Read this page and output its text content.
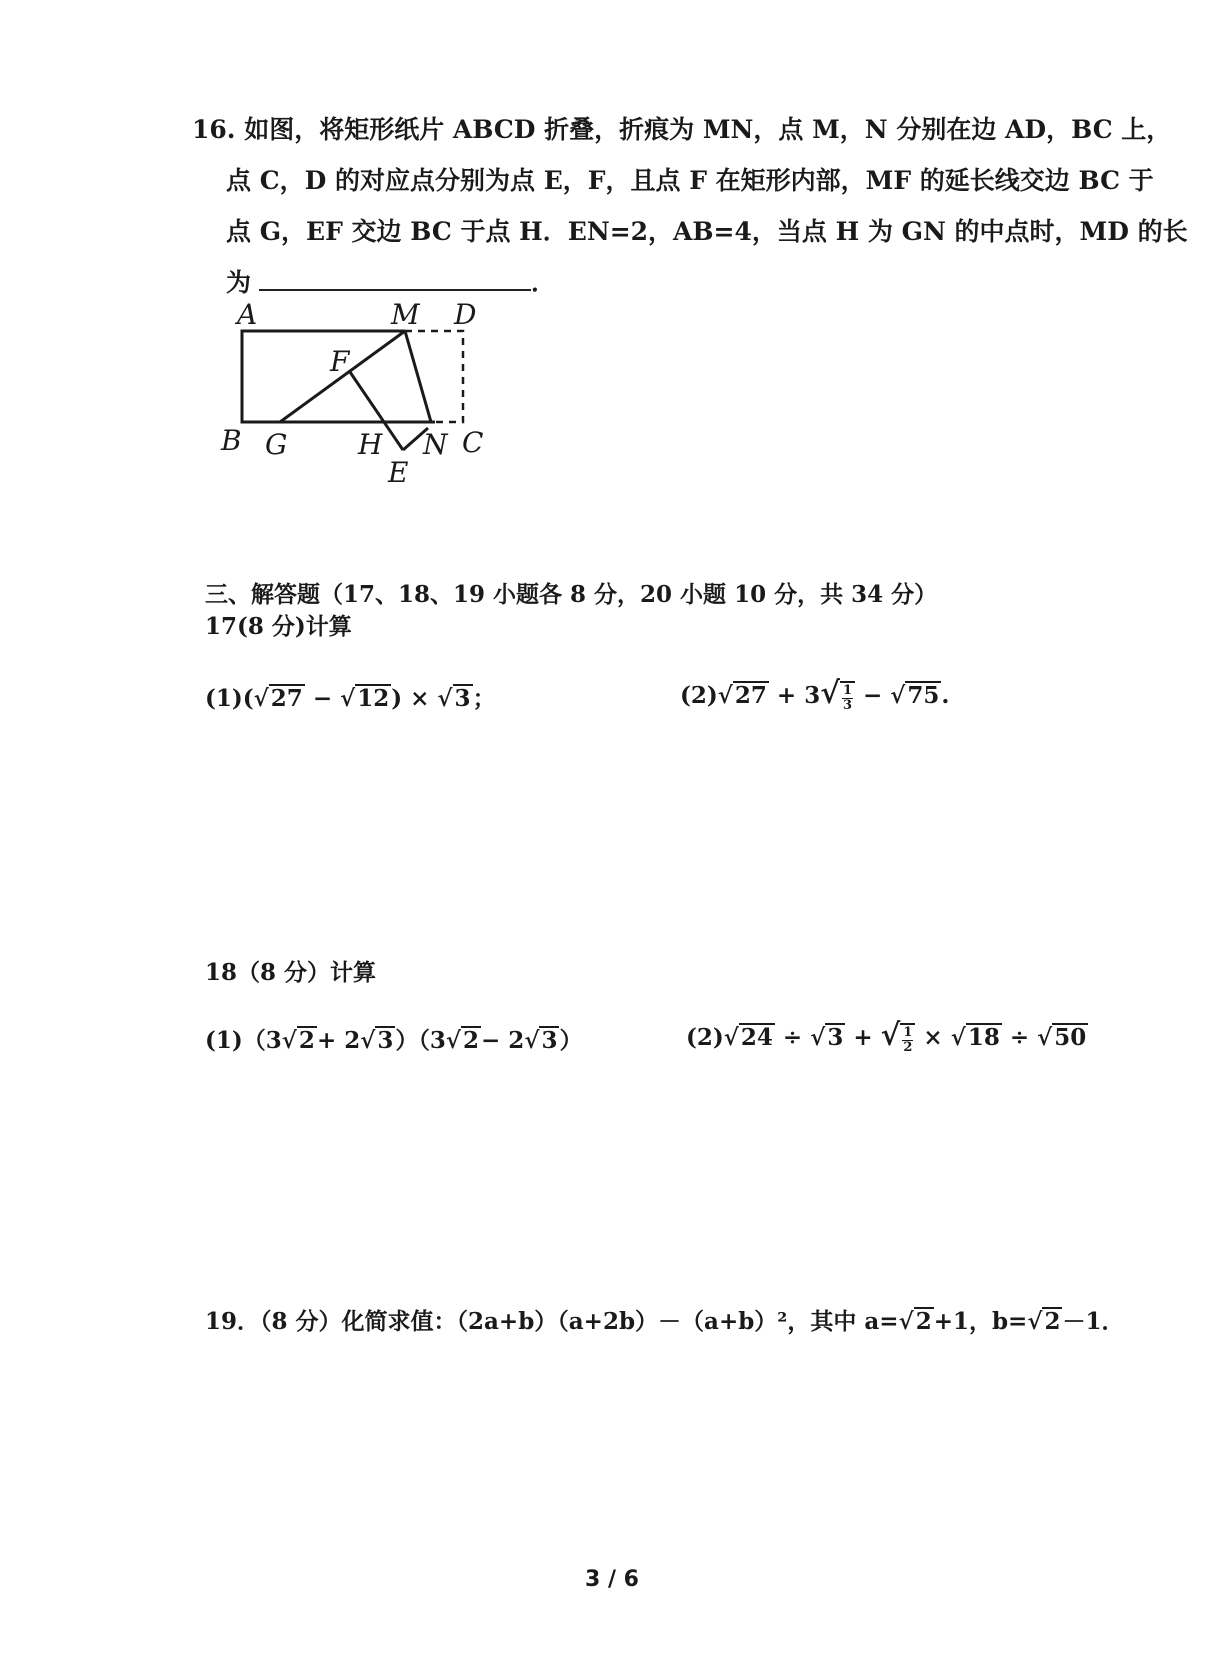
16. 如图，将矩形纸片 ABCD 折叠，折痕为 MN，点 M，N 分别在边 AD，BC 上，
点 C，D 的对应点分别为点 E，F，且点 F 在矩形内部，MF 的延长线交边 BC 于
点 G，EF 交边 BC 于点 H．EN=2，AB=4，当点 H 为 GN 的中点时，MD 的长
为	．
A	M D
F
B G	H N C
E
三、解答题（17、18、19 小题各 8 分，20 小题 10 分，共 34 分）
17(8 分)计算
(1)(√27 − √12) × √3；	$(2)√27 + 3√ \frac{1}{3} - √75$.
18（8 分）计算
(1)（3√2+ 2√3）（3√2− 2√3）	(2)√24 ÷ √3 + √ $\frac{1}{2} \times √18 \div √50$
19．（8 分）化简求值：（2a+b）（a+2b）－（a+b）²，其中 a=√2+1，b=√2－1．
3 / 6
